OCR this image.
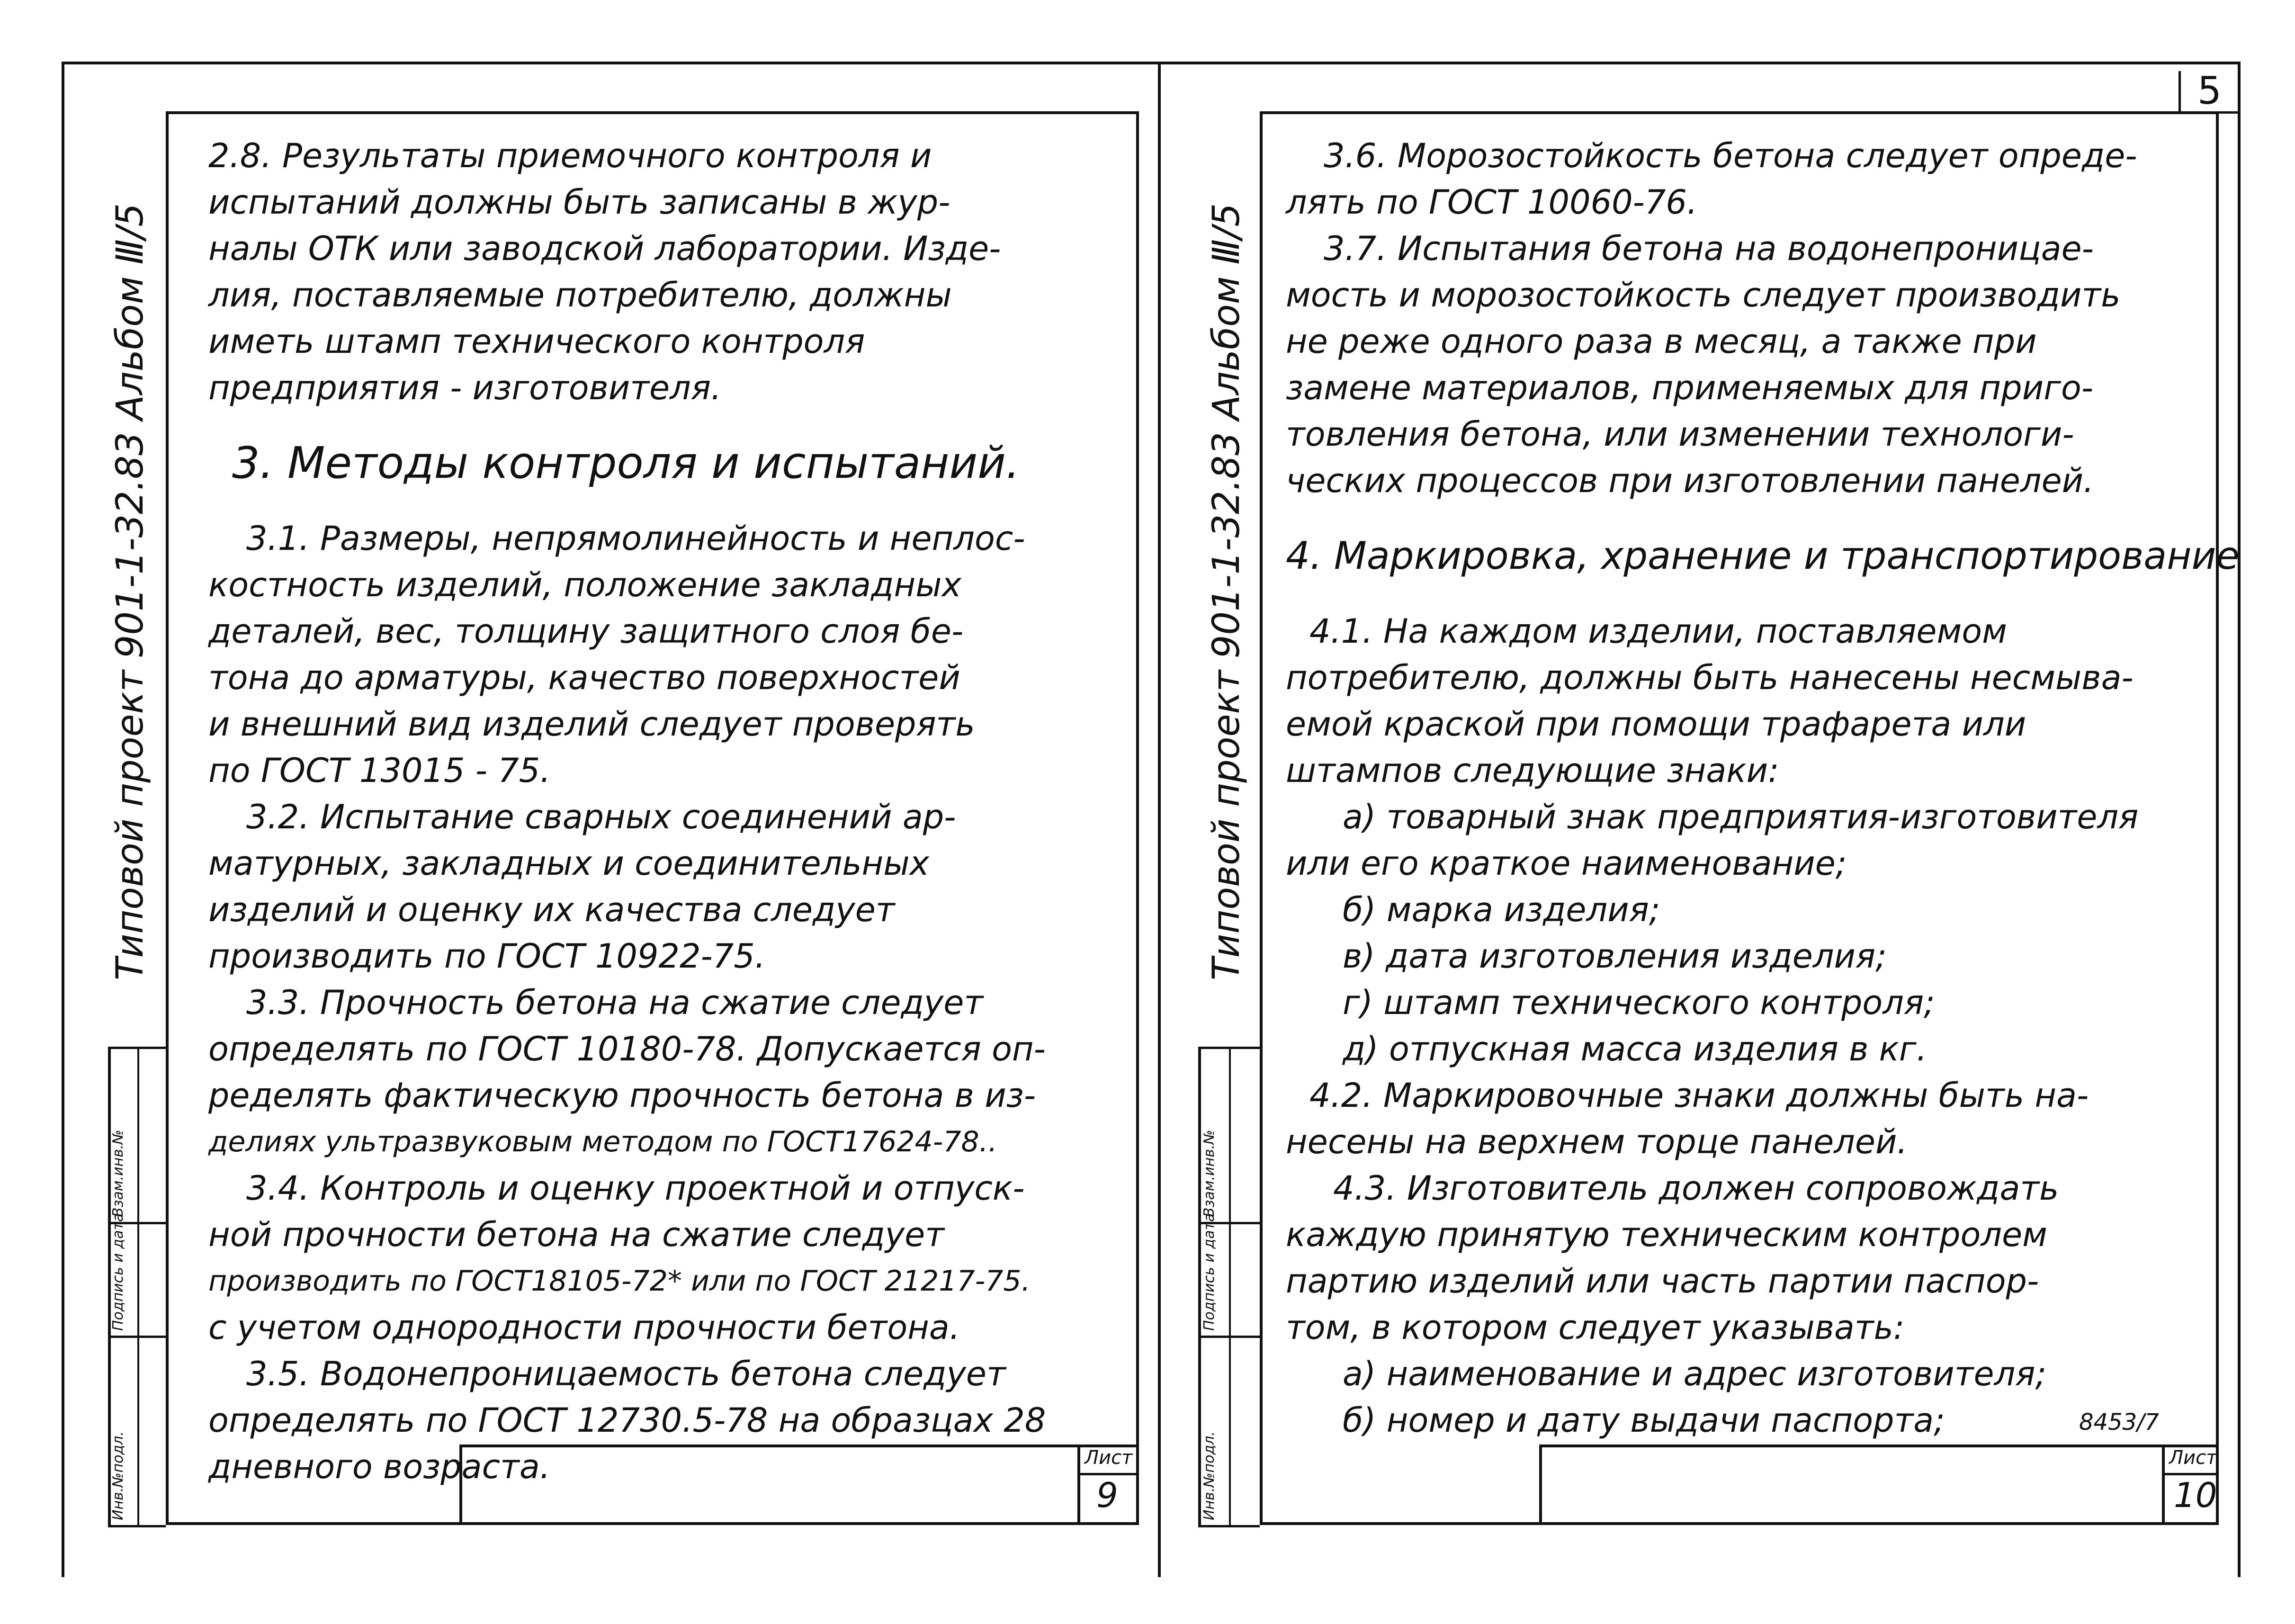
5
Инв.№подл.
Подпись и дата
Взам.инв.№
Типовой проект 901-1-32.83 Альбом Ⅲ/5
Лист
9
2.8. Результаты приемочного контроля и
испытаний должны быть записаны в жур-
налы ОТК или заводской лаборатории. Изде-
лия, поставляемые потребителю, должны
иметь штамп технического контроля
предприятия - изготовителя.
3. Методы контроля и испытаний.
3.1. Размеры, непрямолинейность и неплос-
костность изделий, положение закладных
деталей, вес, толщину защитного слоя бе-
тона до арматуры, качество поверхностей
и внешний вид изделий следует проверять
по ГОСТ 13015 - 75.
3.2. Испытание сварных соединений ар-
матурных, закладных и соединительных
изделий и оценку их качества следует
производить по ГОСТ 10922-75.
3.3. Прочность бетона на сжатие следует
определять по ГОСТ 10180-78. Допускается оп-
ределять фактическую прочность бетона в из-
делиях ультразвуковым методом по ГОСТ17624-78..
3.4. Контроль и оценку проектной и отпуск-
ной прочности бетона на сжатие следует
производить по ГОСТ18105-72* или по ГОСТ 21217-75.
с учетом однородности прочности бетона.
3.5. Водонепроницаемость бетона следует
определять по ГОСТ 12730.5-78 на образцах 28
дневного возраста.	Инв.№подл.
Подпись и дата
Взам.инв.№
Типовой проект 901-1-32.83 Альбом Ⅲ/5
Лист
10
8453/7
3.6. Морозостойкость бетона следует опреде-
лять по ГОСТ 10060-76.
3.7. Испытания бетона на водонепроницае-
мость и морозостойкость следует производить
не реже одного раза в месяц, а также при
замене материалов, применяемых для приго-
товления бетона, или изменении технологи-
ческих процессов при изготовлении панелей.
4. Маркировка, хранение и транспортирование
4.1. На каждом изделии, поставляемом
потребителю, должны быть нанесены несмыва-
емой краской при помощи трафарета или
штампов следующие знаки:
а) товарный знак предприятия-изготовителя
или его краткое наименование;
б) марка изделия;
в) дата изготовления изделия;
г) штамп технического контроля;
д) отпускная масса изделия в кг.
4.2. Маркировочные знаки должны быть на-
несены на верхнем торце панелей.
4.3. Изготовитель должен сопровождать
каждую принятую техническим контролем
партию изделий или часть партии паспор-
том, в котором следует указывать:
а) наименование и адрес изготовителя;
б) номер и дату выдачи паспорта;
